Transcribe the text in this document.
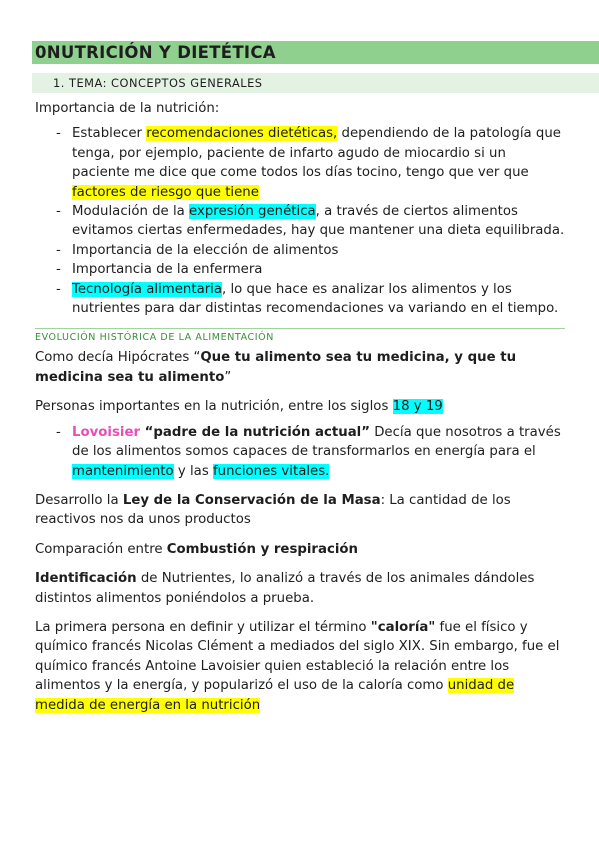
0NUTRICIÓN Y DIETÉTICA
1. TEMA: CONCEPTOS GENERALES

Importancia de la nutrición:

- Establecer recomendaciones dietéticas, dependiendo de la patología que tenga, por ejemplo, paciente de infarto agudo de miocardio si un paciente me dice que come todos los días tocino, tengo que ver que factores de riesgo que tiene
- Modulación de la expresión genética, a través de ciertos alimentos evitamos ciertas enfermedades, hay que mantener una dieta equilibrada.
- Importancia de la elección de alimentos
- Importancia de la enfermera
- Tecnología alimentaria, lo que hace es analizar los alimentos y los nutrientes para dar distintas recomendaciones va variando en el tiempo.
EVOLUCIÓN HISTÓRICA DE LA ALIMENTACIÓN

Como decía Hipócrates “Que tu alimento sea tu medicina, y que tu medicina sea tu alimento”

Personas importantes en la nutrición, entre los siglos 18 y 19

- Lovoisier “padre de la nutrición actual” Decía que nosotros a través de los alimentos somos capaces de transformarlos en energía para el mantenimiento y las funciones vitales.

Desarrollo la Ley de la Conservación de la Masa: La cantidad de los reactivos nos da unos productos

Comparación entre Combustión y respiración

Identificación de Nutrientes, lo analizó a través de los animales dándoles distintos alimentos poniéndolos a prueba.

La primera persona en definir y utilizar el término "caloría" fue el físico y químico francés Nicolas Clément a mediados del siglo XIX. Sin embargo, fue el químico francés Antoine Lavoisier quien estableció la relación entre los alimentos y la energía, y popularizó el uso de la caloría como unidad de medida de energía en la nutrición
